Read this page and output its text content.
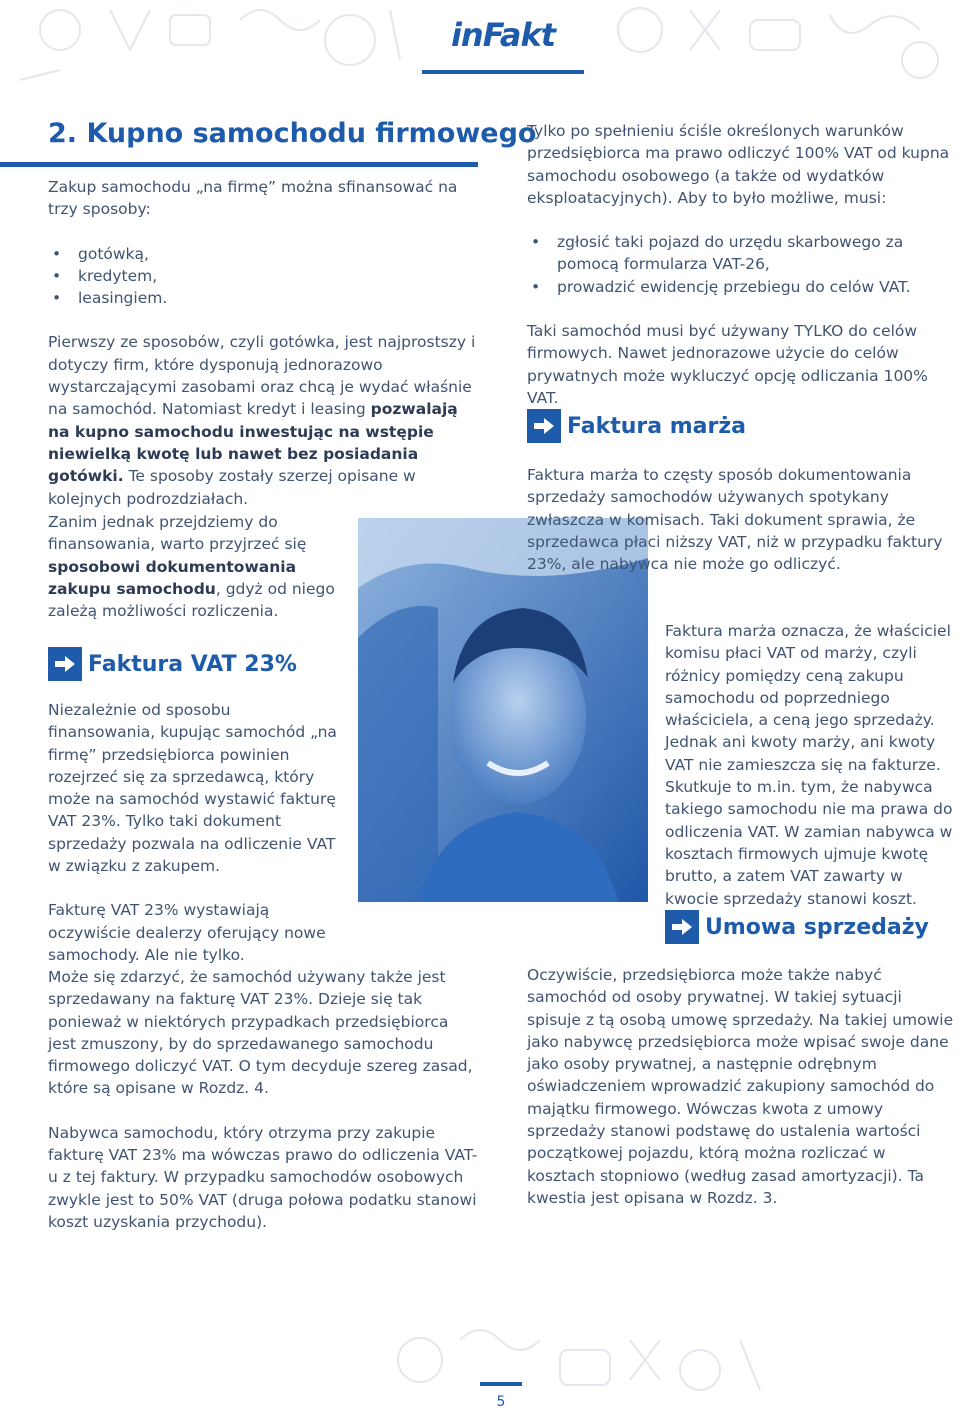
inFakt
2. Kupno samochodu firmowego

Zakup samochodu „na firmę” można sfinansować na trzy sposoby:

• gotówką,
• kredytem,
• leasingiem.

Pierwszy ze sposobów, czyli gotówka, jest najprostszy i dotyczy firm, które dysponują jednorazowo wystarczającymi zasobami oraz chcą je wydać właśnie na samochód. Natomiast kredyt i leasing pozwalają na kupno samochodu inwestując na wstępie niewielką kwotę lub nawet bez posiadania gotówki. Te sposoby zostały szerzej opisane w kolejnych podrozdziałach.

Zanim jednak przejdziemy do finansowania, warto przyjrzeć się sposobowi dokumentowania zakupu samochodu, gdyż od niego zależą możliwości rozliczenia.

Faktura VAT 23%

Niezależnie od sposobu finansowania, kupując samochód „na firmę” przedsiębiorca powinien rozejrzeć się za sprzedawcą, który może na samochód wystawić fakturę VAT 23%. Tylko taki dokument sprzedaży pozwala na odliczenie VAT w związku z zakupem.

Fakturę VAT 23% wystawiają oczywiście dealerzy oferujący nowe samochody. Ale nie tylko.

Może się zdarzyć, że samochód używany także jest sprzedawany na fakturę VAT 23%. Dzieje się tak ponieważ w niektórych przypadkach przedsiębiorca jest zmuszony, by do sprzedawanego samochodu firmowego doliczyć VAT. O tym decyduje szereg zasad, które są opisane w Rozdz. 4.

Nabywca samochodu, który otrzyma przy zakupie fakturę VAT 23% ma wówczas prawo do odliczenia VAT-u z tej faktury. W przypadku samochodów osobowych zwykle jest to 50% VAT (druga połowa podatku stanowi koszt uzyskania przychodu).

Tylko po spełnieniu ściśle określonych warunków przedsiębiorca ma prawo odliczyć 100% VAT od kupna samochodu osobowego (a także od wydatków eksploatacyjnych). Aby to było możliwe, musi:

• zgłosić taki pojazd do urzędu skarbowego za pomocą formularza VAT-26,
• prowadzić ewidencję przebiegu do celów VAT.

Taki samochód musi być używany TYLKO do celów firmowych. Nawet jednorazowe użycie do celów prywatnych może wykluczyć opcję odliczania 100% VAT.

Faktura marża

Faktura marża to częsty sposób dokumentowania sprzedaży samochodów używanych spotykany zwłaszcza w komisach. Taki dokument sprawia, że sprzedawca płaci niższy VAT, niż w przypadku faktury 23%, ale nabywca nie może go odliczyć.

Faktura marża oznacza, że właściciel komisu płaci VAT od marży, czyli różnicy pomiędzy ceną zakupu samochodu od poprzedniego właściciela, a ceną jego sprzedaży. Jednak ani kwoty marży, ani kwoty VAT nie zamieszcza się na fakturze. Skutkuje to m.in. tym, że nabywca takiego samochodu nie ma prawa do odliczenia VAT. W zamian nabywca w kosztach firmowych ujmuje kwotę brutto, a zatem VAT zawarty w kwocie sprzedaży stanowi koszt.

Umowa sprzedaży

Oczywiście, przedsiębiorca może także nabyć samochód od osoby prywatnej. W takiej sytuacji spisuje z tą osobą umowę sprzedaży. Na takiej umowie jako nabywcę przedsiębiorca może wpisać swoje dane jako osoby prywatnej, a następnie odrębnym oświadczeniem wprowadzić zakupiony samochód do majątku firmowego. Wówczas kwota z umowy sprzedaży stanowi podstawę do ustalenia wartości początkowej pojazdu, którą można rozliczać w kosztach stopniowo (według zasad amortyzacji). Ta kwestia jest opisana w Rozdz. 3.

5
